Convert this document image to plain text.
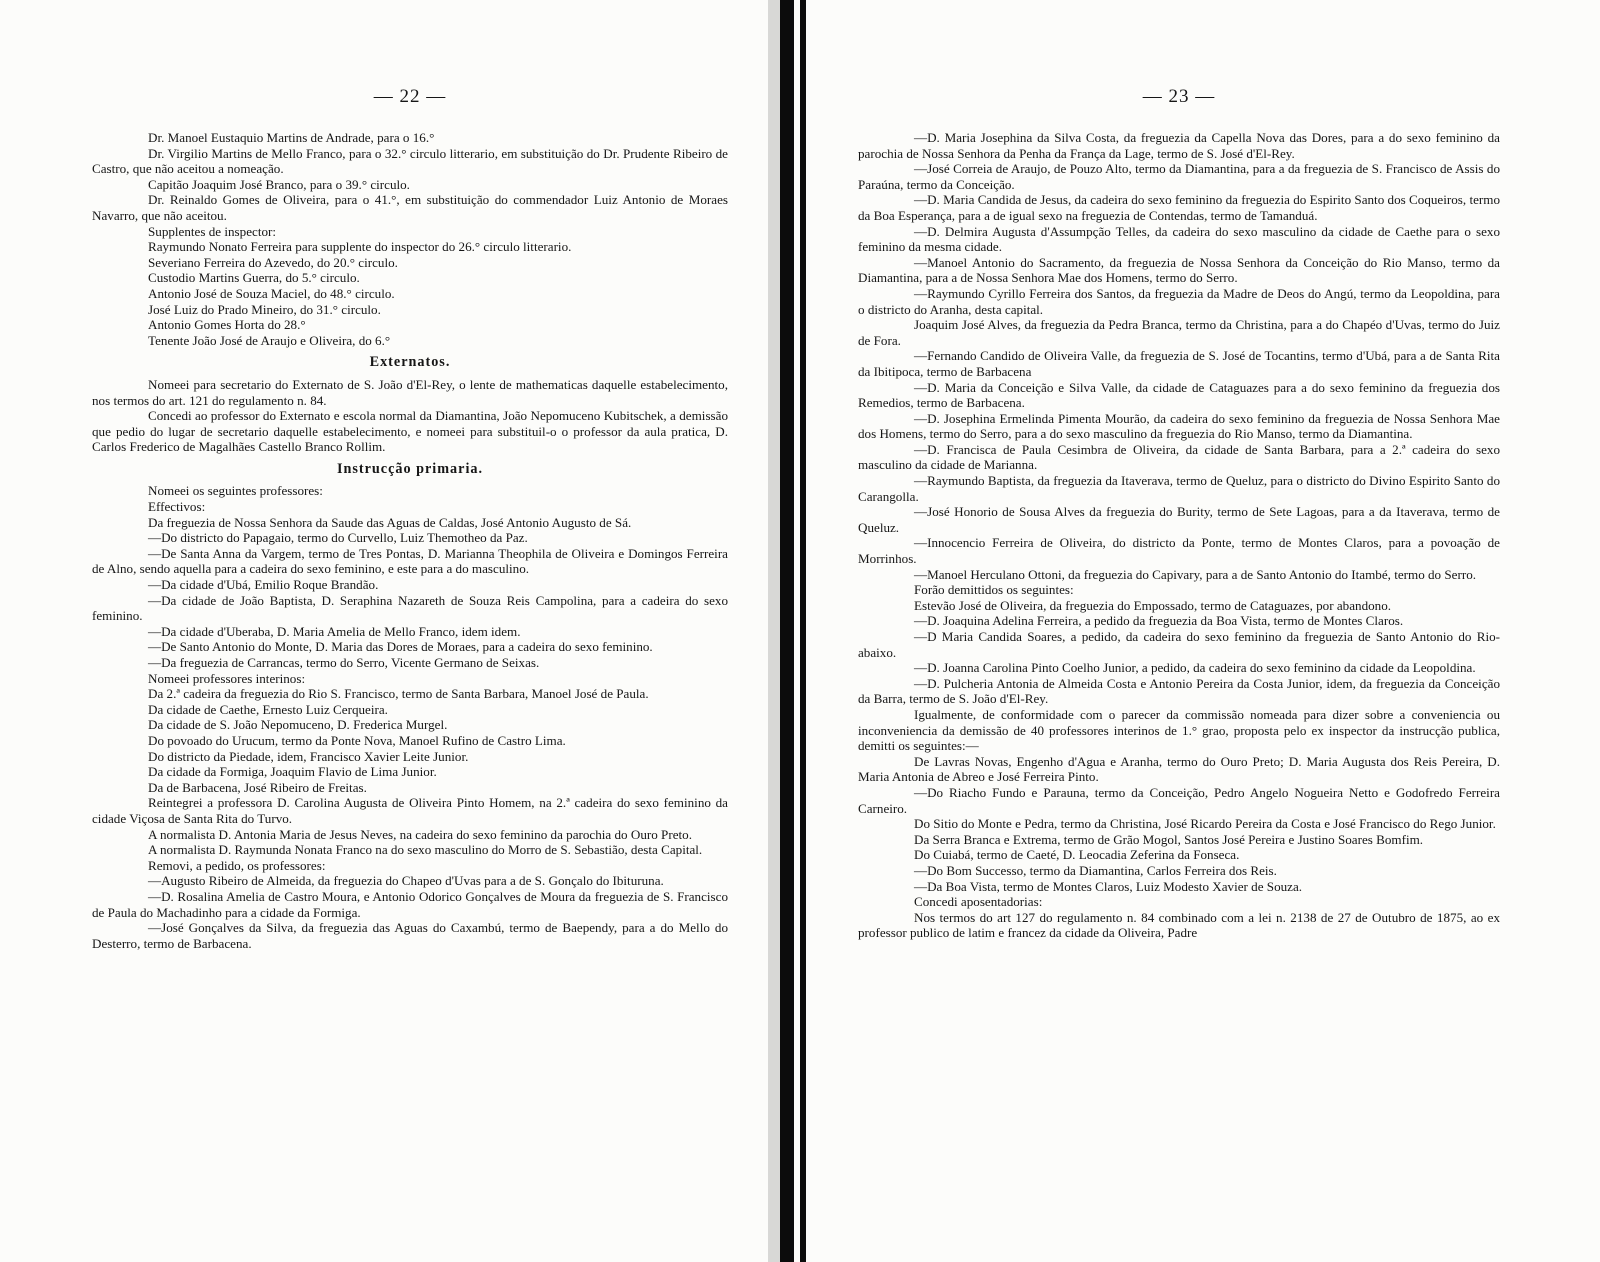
— 22 —

Dr. Manoel Eustaquio Martins de Andrade, para o 16.°

Dr. Virgilio Martins de Mello Franco, para o 32.° circulo litterario, em substituição do Dr. Prudente Ribeiro de Castro, que não aceitou a nomeação.

Capitão Joaquim José Branco, para o 39.° circulo.

Dr. Reinaldo Gomes de Oliveira, para o 41.°, em substituição do commendador Luiz Antonio de Moraes Navarro, que não aceitou.

Supplentes de inspector:

Raymundo Nonato Ferreira para supplente do inspector do 26.° circulo litterario.

Severiano Ferreira do Azevedo, do 20.° circulo.

Custodio Martins Guerra, do 5.° circulo.

Antonio José de Souza Maciel, do 48.° circulo.

José Luiz do Prado Mineiro, do 31.° circulo.

Antonio Gomes Horta do 28.°

Tenente João José de Araujo e Oliveira, do 6.°

Externatos.

Nomeei para secretario do Externato de S. João d'El-Rey, o lente de mathematicas daquelle estabelecimento, nos termos do art. 121 do regulamento n. 84.

Concedi ao professor do Externato e escola normal da Diamantina, João Nepomuceno Kubitschek, a demissão que pedio do lugar de secretario daquelle estabelecimento, e nomeei para substituil-o o professor da aula pratica, D. Carlos Frederico de Magalhães Castello Branco Rollim.

Instrucção primaria.

Nomeei os seguintes professores:

Effectivos:

Da freguezia de Nossa Senhora da Saude das Aguas de Caldas, José Antonio Augusto de Sá.

—Do districto do Papagaio, termo do Curvello, Luiz Themotheo da Paz.

—De Santa Anna da Vargem, termo de Tres Pontas, D. Marianna Theophila de Oliveira e Domingos Ferreira de Alno, sendo aquella para a cadeira do sexo feminino, e este para a do masculino.

—Da cidade d'Ubá, Emilio Roque Brandão.

—Da cidade de João Baptista, D. Seraphina Nazareth de Souza Reis Campolina, para a cadeira do sexo feminino.

—Da cidade d'Uberaba, D. Maria Amelia de Mello Franco, idem idem.

—De Santo Antonio do Monte, D. Maria das Dores de Moraes, para a cadeira do sexo feminino.

—Da freguezia de Carrancas, termo do Serro, Vicente Germano de Seixas.

Nomeei professores interinos:

Da 2.ª cadeira da freguezia do Rio S. Francisco, termo de Santa Barbara, Manoel José de Paula.

Da cidade de Caethe, Ernesto Luiz Cerqueira.

Da cidade de S. João Nepomuceno, D. Frederica Murgel.

Do povoado do Urucum, termo da Ponte Nova, Manoel Rufino de Castro Lima.

Do districto da Piedade, idem, Francisco Xavier Leite Junior.

Da cidade da Formiga, Joaquim Flavio de Lima Junior.

Da de Barbacena, José Ribeiro de Freitas.

Reintegrei a professora D. Carolina Augusta de Oliveira Pinto Homem, na 2.ª cadeira do sexo feminino da cidade Viçosa de Santa Rita do Turvo.

A normalista D. Antonia Maria de Jesus Neves, na cadeira do sexo feminino da parochia do Ouro Preto.

A normalista D. Raymunda Nonata Franco na do sexo masculino do Morro de S. Sebastião, desta Capital.

Removi, a pedido, os professores:

—Augusto Ribeiro de Almeida, da freguezia do Chapeo d'Uvas para a de S. Gonçalo do Ibituruna.

—D. Rosalina Amelia de Castro Moura, e Antonio Odorico Gonçalves de Moura da freguezia de S. Francisco de Paula do Machadinho para a cidade da Formiga.

—José Gonçalves da Silva, da freguezia das Aguas do Caxambú, termo de Baependy, para a do Mello do Desterro, termo de Barbacena.

— 23 —

—D. Maria Josephina da Silva Costa, da freguezia da Capella Nova das Dores, para a do sexo feminino da parochia de Nossa Senhora da Penha da França da Lage, termo de S. José d'El-Rey.

—José Correia de Araujo, de Pouzo Alto, termo da Diamantina, para a da freguezia de S. Francisco de Assis do Paraúna, termo da Conceição.

—D. Maria Candida de Jesus, da cadeira do sexo feminino da freguezia do Espirito Santo dos Coqueiros, termo da Boa Esperança, para a de igual sexo na freguezia de Contendas, termo de Tamanduá.

—D. Delmira Augusta d'Assumpção Telles, da cadeira do sexo masculino da cidade de Caethe para o sexo feminino da mesma cidade.

—Manoel Antonio do Sacramento, da freguezia de Nossa Senhora da Conceição do Rio Manso, termo da Diamantina, para a de Nossa Senhora Mae dos Homens, termo do Serro.

—Raymundo Cyrillo Ferreira dos Santos, da freguezia da Madre de Deos do Angú, termo da Leopoldina, para o districto do Aranha, desta capital.

Joaquim José Alves, da freguezia da Pedra Branca, termo da Christina, para a do Chapéo d'Uvas, termo do Juiz de Fora.

—Fernando Candido de Oliveira Valle, da freguezia de S. José de Tocantins, termo d'Ubá, para a de Santa Rita da Ibitipoca, termo de Barbacena

—D. Maria da Conceição e Silva Valle, da cidade de Cataguazes para a do sexo feminino da freguezia dos Remedios, termo de Barbacena.

—D. Josephina Ermelinda Pimenta Mourão, da cadeira do sexo feminino da freguezia de Nossa Senhora Mae dos Homens, termo do Serro, para a do sexo masculino da freguezia do Rio Manso, termo da Diamantina.

—D. Francisca de Paula Cesimbra de Oliveira, da cidade de Santa Barbara, para a 2.ª cadeira do sexo masculino da cidade de Marianna.

—Raymundo Baptista, da freguezia da Itaverava, termo de Queluz, para o districto do Divino Espirito Santo do Carangolla.

—José Honorio de Sousa Alves da freguezia do Burity, termo de Sete Lagoas, para a da Itaverava, termo de Queluz.

—Innocencio Ferreira de Oliveira, do districto da Ponte, termo de Montes Claros, para a povoação de Morrinhos.

—Manoel Herculano Ottoni, da freguezia do Capivary, para a de Santo Antonio do Itambé, termo do Serro.

Forão demittidos os seguintes:

Estevão José de Oliveira, da freguezia do Empossado, termo de Cataguazes, por abandono.

—D. Joaquina Adelina Ferreira, a pedido da freguezia da Boa Vista, termo de Montes Claros.

—D Maria Candida Soares, a pedido, da cadeira do sexo feminino da freguezia de Santo Antonio do Rio-abaixo.

—D. Joanna Carolina Pinto Coelho Junior, a pedido, da cadeira do sexo feminino da cidade da Leopoldina.

—D. Pulcheria Antonia de Almeida Costa e Antonio Pereira da Costa Junior, idem, da freguezia da Conceição da Barra, termo de S. João d'El-Rey.

Igualmente, de conformidade com o parecer da commissão nomeada para dizer sobre a conveniencia ou inconveniencia da demissão de 40 professores interinos de 1.° grao, proposta pelo ex inspector da instrucção publica, demitti os seguintes:—

De Lavras Novas, Engenho d'Agua e Aranha, termo do Ouro Preto; D. Maria Augusta dos Reis Pereira, D. Maria Antonia de Abreo e José Ferreira Pinto.

—Do Riacho Fundo e Parauna, termo da Conceição, Pedro Angelo Nogueira Netto e Godofredo Ferreira Carneiro.

Do Sitio do Monte e Pedra, termo da Christina, José Ricardo Pereira da Costa e José Francisco do Rego Junior.

Da Serra Branca e Extrema, termo de Grão Mogol, Santos José Pereira e Justino Soares Bomfim.

Do Cuiabá, termo de Caeté, D. Leocadia Zeferina da Fonseca.

—Do Bom Successo, termo da Diamantina, Carlos Ferreira dos Reis.

—Da Boa Vista, termo de Montes Claros, Luiz Modesto Xavier de Souza.

Concedi aposentadorias:

Nos termos do art 127 do regulamento n. 84 combinado com a lei n. 2138 de 27 de Outubro de 1875, ao ex professor publico de latim e francez da cidade da Oliveira, Padre
